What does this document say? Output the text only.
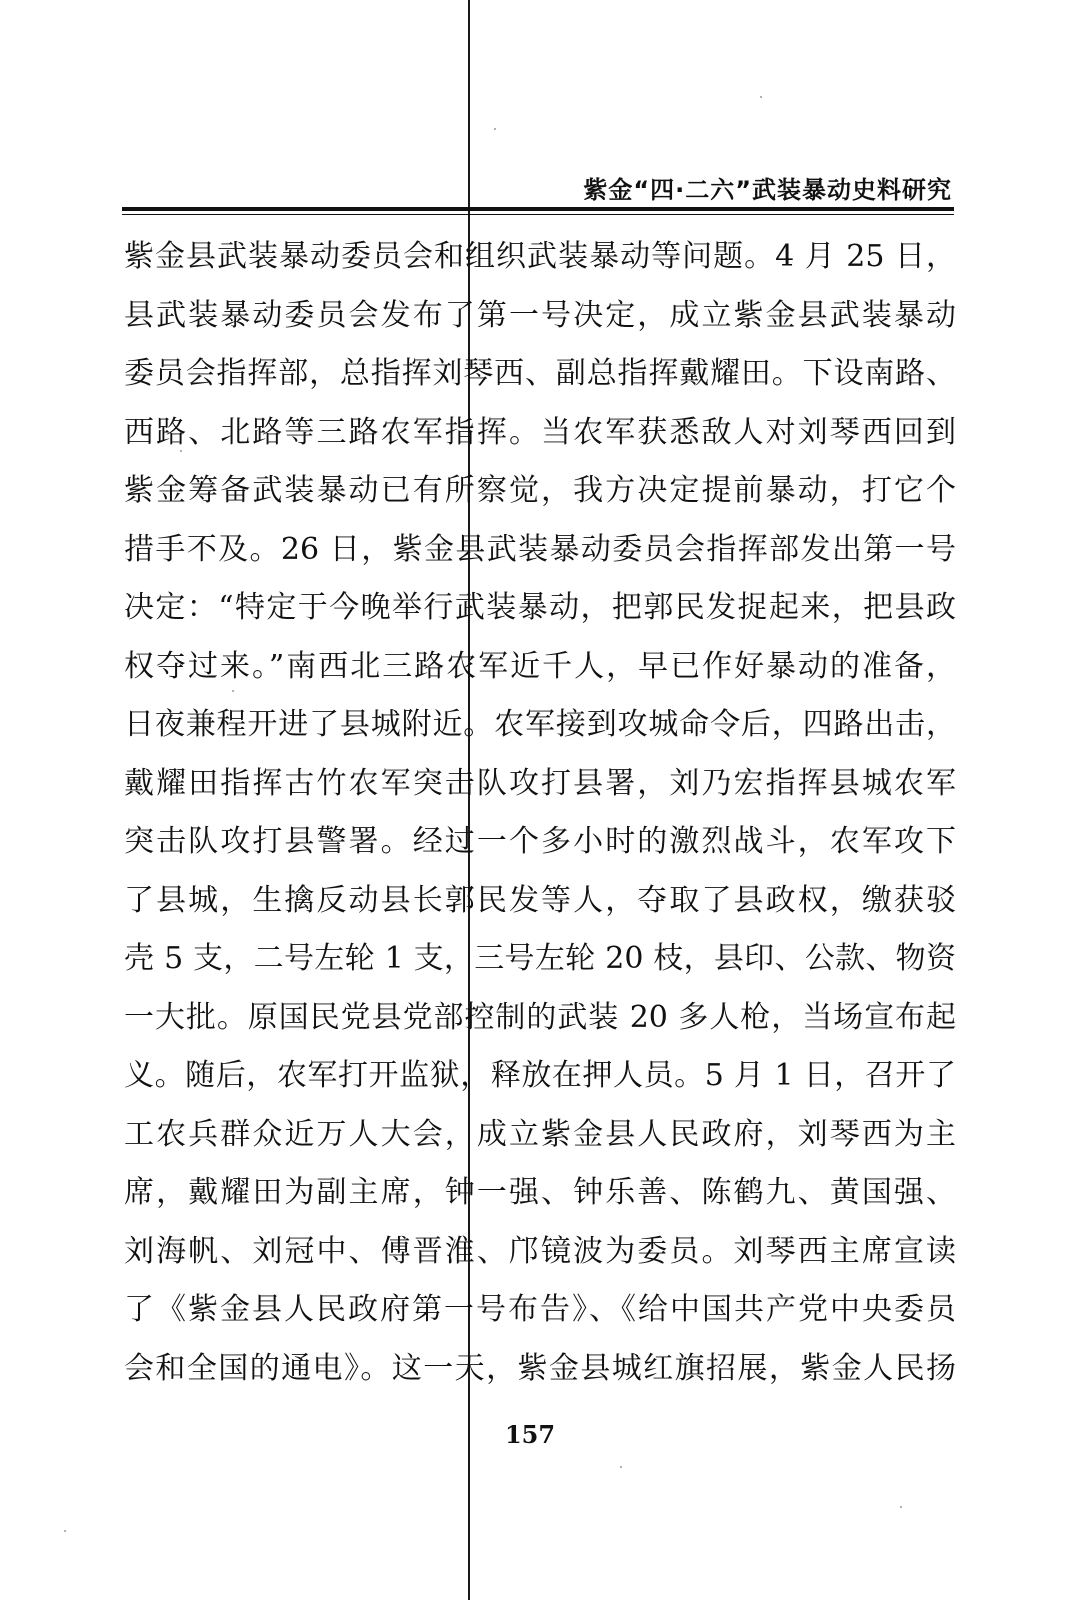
紫金“四·二六”武装暴动史料研究
紫金县武装暴动委员会和组织武装暴动等问题。4 月 25 日，
县武装暴动委员会发布了第一号决定，成立紫金县武装暴动
委员会指挥部，总指挥刘琴西、副总指挥戴耀田。下设南路、
西路、北路等三路农军指挥。当农军获悉敌人对刘琴西回到
紫金筹备武装暴动已有所察觉，我方决定提前暴动，打它个
措手不及。26 日，紫金县武装暴动委员会指挥部发出第一号
决定：“特定于今晚举行武装暴动，把郭民发捉起来，把县政
权夺过来。”南西北三路农军近千人，早已作好暴动的准备，
日夜兼程开进了县城附近。农军接到攻城命令后，四路出击，
戴耀田指挥古竹农军突击队攻打县署，刘乃宏指挥县城农军
突击队攻打县警署。经过一个多小时的激烈战斗，农军攻下
了县城，生擒反动县长郭民发等人，夺取了县政权，缴获驳
壳 5 支，二号左轮 1 支，三号左轮 20 枝，县印、公款、物资
一大批。原国民党县党部控制的武装 20 多人枪，当场宣布起
义。随后，农军打开监狱，释放在押人员。5 月 1 日，召开了
工农兵群众近万人大会，成立紫金县人民政府，刘琴西为主
席，戴耀田为副主席，钟一强、钟乐善、陈鹤九、黄国强、
刘海帆、刘冠中、傅晋淮、邝镜波为委员。刘琴西主席宣读
了《紫金县人民政府第一号布告》、《给中国共产党中央委员
会和全国的通电》。这一天，紫金县城红旗招展，紫金人民扬
157
